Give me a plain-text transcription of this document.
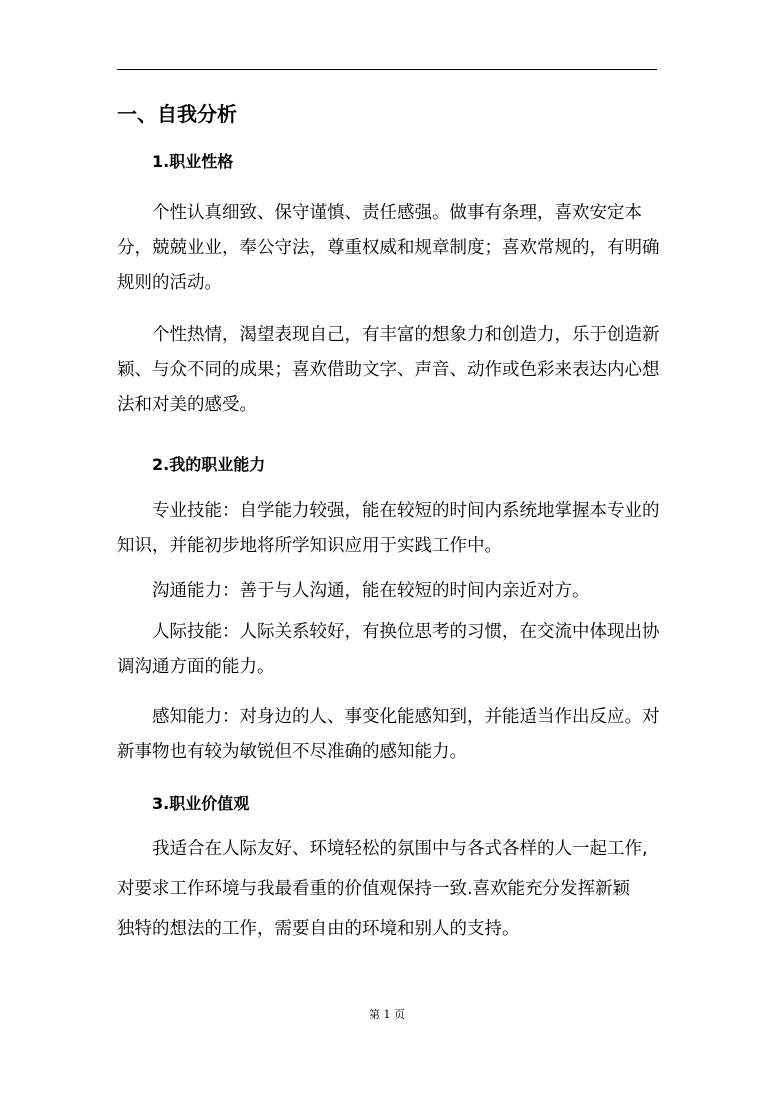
一、自我分析
1.职业性格

个性认真细致、保守谨慎、责任感强。做事有条理，喜欢安定本分，兢兢业业，奉公守法，尊重权威和规章制度；喜欢常规的，有明确规则的活动。

个性热情，渴望表现自己，有丰富的想象力和创造力，乐于创造新颖、与众不同的成果；喜欢借助文字、声音、动作或色彩来表达内心想法和对美的感受。

2.我的职业能力

专业技能：自学能力较强，能在较短的时间内系统地掌握本专业的知识，并能初步地将所学知识应用于实践工作中。

沟通能力：善于与人沟通，能在较短的时间内亲近对方。

人际技能：人际关系较好，有换位思考的习惯，在交流中体现出协调沟通方面的能力。

感知能力：对身边的人、事变化能感知到，并能适当作出反应。对新事物也有较为敏锐但不尽准确的感知能力。

3.职业价值观
我适合在人际友好、环境轻松的氛围中与各式各样的人一起工作,
对要求工作环境与我最看重的价值观保持一致.喜欢能充分发挥新颖
独特的想法的工作，需要自由的环境和别人的支持。
第 1 页
